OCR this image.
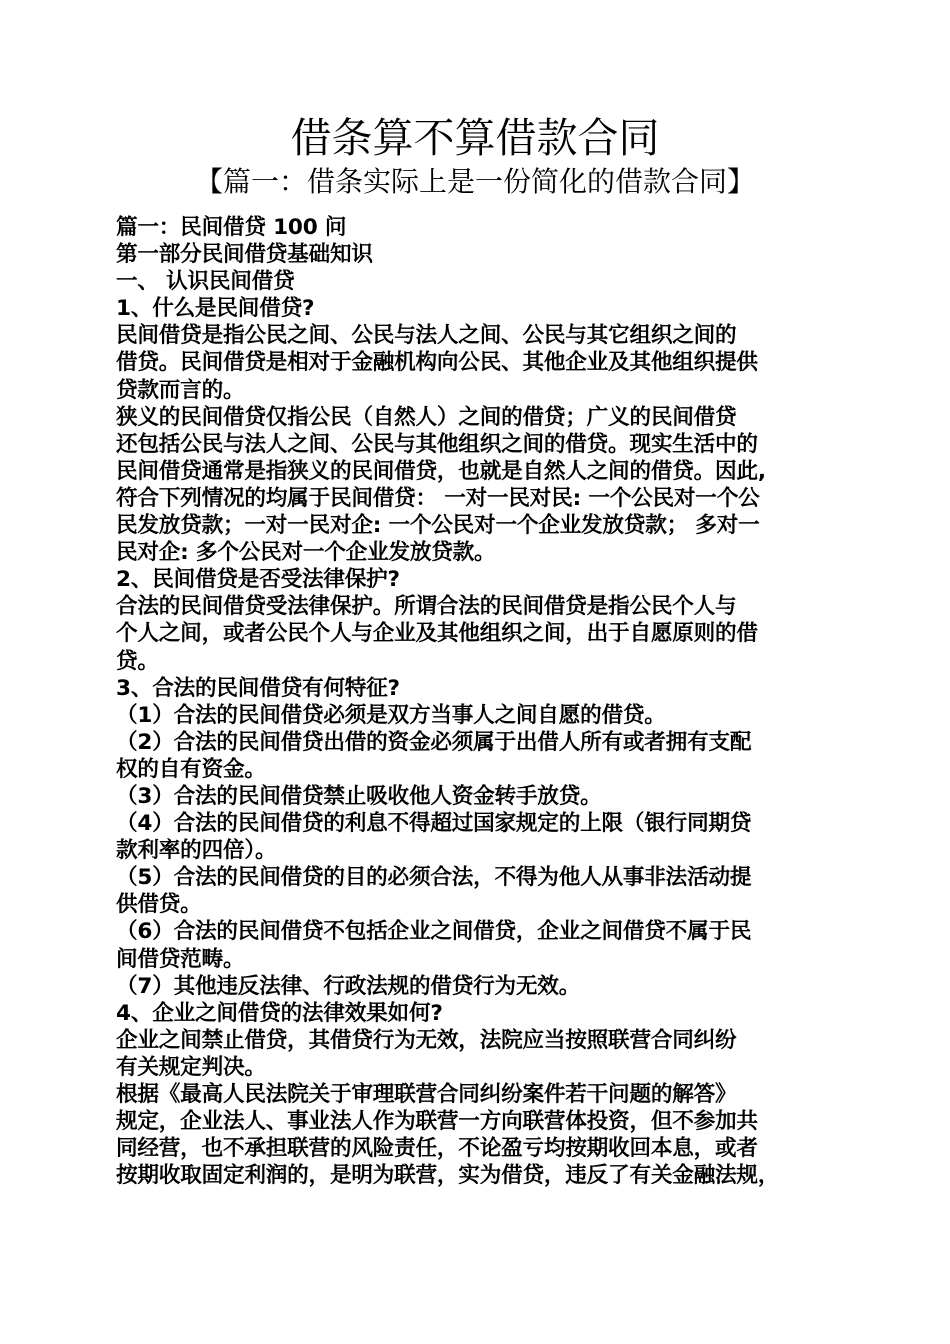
借条算不算借款合同
【篇一：借条实际上是一份简化的借款合同】
篇一：民间借贷 100 问
第一部分民间借贷基础知识
一、 认识民间借贷
1、什么是民间借贷?
民间借贷是指公民之间、公民与法人之间、公民与其它组织之间的
借贷。民间借贷是相对于金融机构向公民、其他企业及其他组织提供
贷款而言的。
狭义的民间借贷仅指公民（自然人）之间的借贷；广义的民间借贷
还包括公民与法人之间、公民与其他组织之间的借贷。现实生活中的
民间借贷通常是指狭义的民间借贷，也就是自然人之间的借贷。因此,
符合下列情况的均属于民间借贷： 一对一民对民: 一个公民对一个公
民发放贷款；一对一民对企: 一个公民对一个企业发放贷款； 多对一
民对企: 多个公民对一个企业发放贷款。
2、民间借贷是否受法律保护?
合法的民间借贷受法律保护。所谓合法的民间借贷是指公民个人与
个人之间，或者公民个人与企业及其他组织之间，出于自愿原则的借
贷。
3、合法的民间借贷有何特征?
（1）合法的民间借贷必须是双方当事人之间自愿的借贷。
（2）合法的民间借贷出借的资金必须属于出借人所有或者拥有支配
权的自有资金。
（3）合法的民间借贷禁止吸收他人资金转手放贷。
（4）合法的民间借贷的利息不得超过国家规定的上限（银行同期贷
款利率的四倍）。
（5）合法的民间借贷的目的必须合法，不得为他人从事非法活动提
供借贷。
（6）合法的民间借贷不包括企业之间借贷，企业之间借贷不属于民
间借贷范畴。
（7）其他违反法律、行政法规的借贷行为无效。
4、企业之间借贷的法律效果如何?
企业之间禁止借贷，其借贷行为无效，法院应当按照联营合同纠纷
有关规定判决。
根据《最高人民法院关于审理联营合同纠纷案件若干问题的解答》
规定，企业法人、事业法人作为联营一方向联营体投资，但不参加共
同经营，也不承担联营的风险责任，不论盈亏均按期收回本息，或者
按期收取固定利润的，是明为联营，实为借贷，违反了有关金融法规，
